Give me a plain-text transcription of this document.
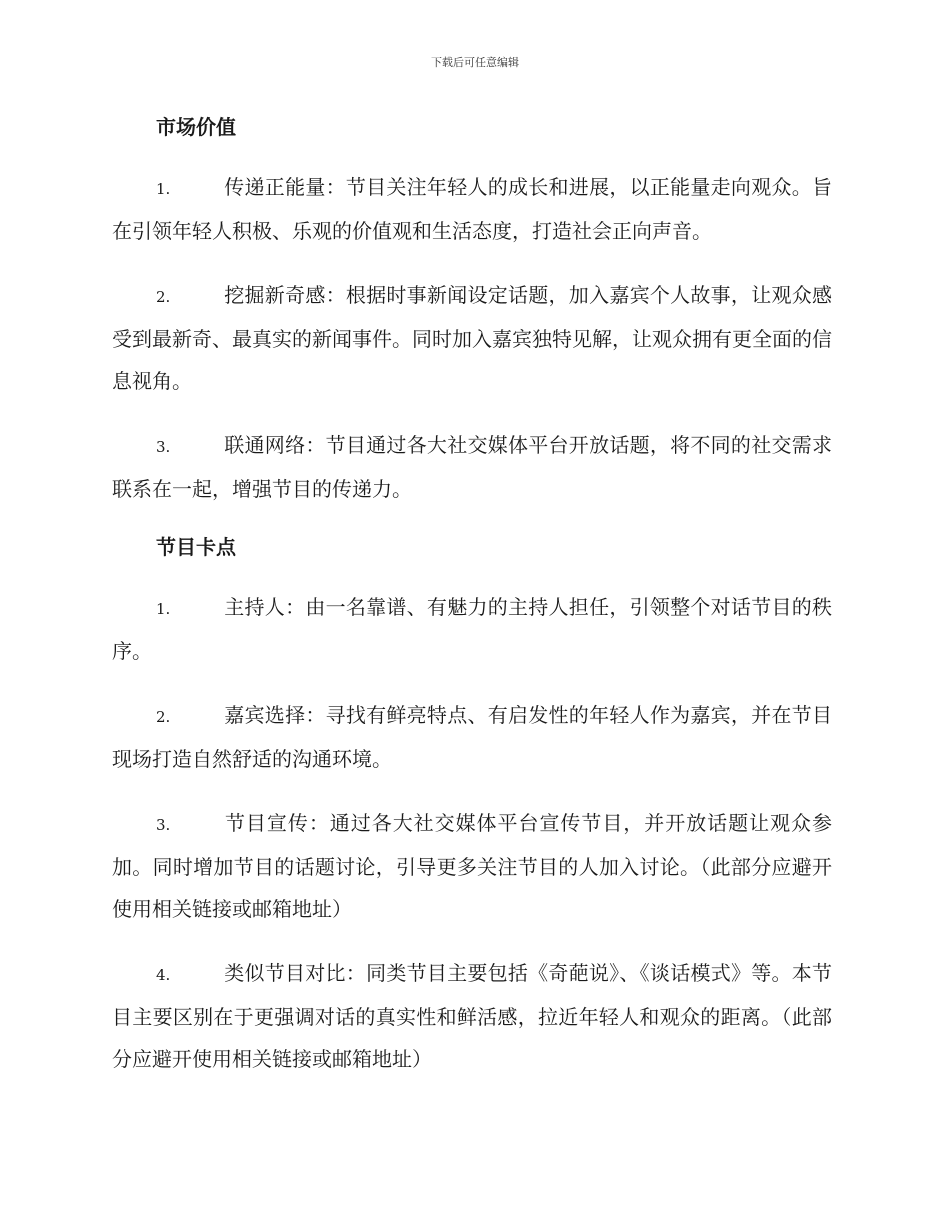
下载后可任意编辑
市场价值

1.	传递正能量：节目关注年轻人的成长和进展，以正能量走向观众。旨在引领年轻人积极、乐观的价值观和生活态度，打造社会正向声音。

2.	挖掘新奇感：根据时事新闻设定话题，加入嘉宾个人故事，让观众感受到最新奇、最真实的新闻事件。同时加入嘉宾独特见解，让观众拥有更全面的信息视角。

3.	联通网络：节目通过各大社交媒体平台开放话题，将不同的社交需求联系在一起，增强节目的传递力。

节目卡点

1.	主持人：由一名靠谱、有魅力的主持人担任，引领整个对话节目的秩序。

2.	嘉宾选择：寻找有鲜亮特点、有启发性的年轻人作为嘉宾，并在节目现场打造自然舒适的沟通环境。

3.	节目宣传：通过各大社交媒体平台宣传节目，并开放话题让观众参加。同时增加节目的话题讨论，引导更多关注节目的人加入讨论。（此部分应避开使用相关链接或邮箱地址）

4.	类似节目对比：同类节目主要包括《奇葩说》、《谈话模式》等。本节目主要区别在于更强调对话的真实性和鲜活感，拉近年轻人和观众的距离。（此部分应避开使用相关链接或邮箱地址）
